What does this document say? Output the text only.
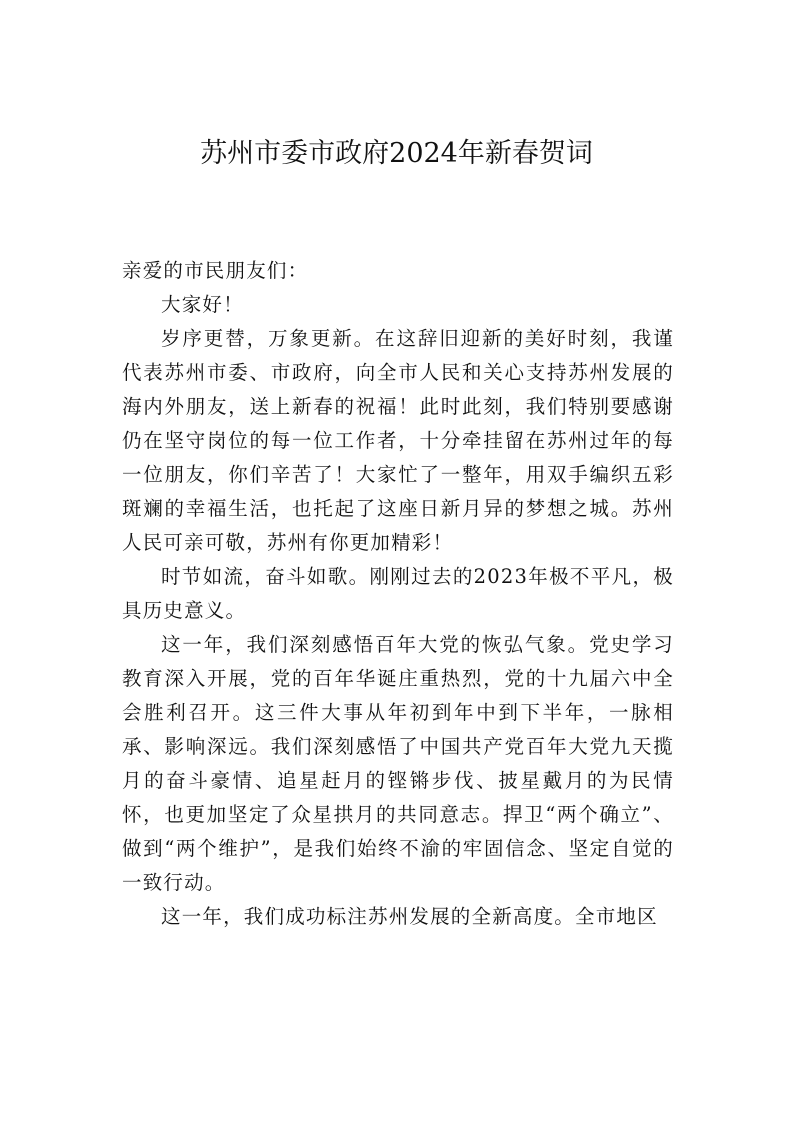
苏州市委市政府2024年新春贺词

亲爱的市民朋友们：

大家好！

岁序更替，万象更新。在这辞旧迎新的美好时刻，我谨代表苏州市委、市政府，向全市人民和关心支持苏州发展的海内外朋友，送上新春的祝福！此时此刻，我们特别要感谢仍在坚守岗位的每一位工作者，十分牵挂留在苏州过年的每一位朋友，你们辛苦了！大家忙了一整年，用双手编织五彩斑斓的幸福生活，也托起了这座日新月异的梦想之城。苏州人民可亲可敬，苏州有你更加精彩！

时节如流，奋斗如歌。刚刚过去的2023年极不平凡，极具历史意义。

这一年，我们深刻感悟百年大党的恢弘气象。党史学习教育深入开展，党的百年华诞庄重热烈，党的十九届六中全会胜利召开。这三件大事从年初到年中到下半年，一脉相承、影响深远。我们深刻感悟了中国共产党百年大党九天揽月的奋斗豪情、追星赶月的铿锵步伐、披星戴月的为民情怀，也更加坚定了众星拱月的共同意志。捍卫“两个确立”、做到“两个维护”，是我们始终不渝的牢固信念、坚定自觉的一致行动。

这一年，我们成功标注苏州发展的全新高度。全市地区
